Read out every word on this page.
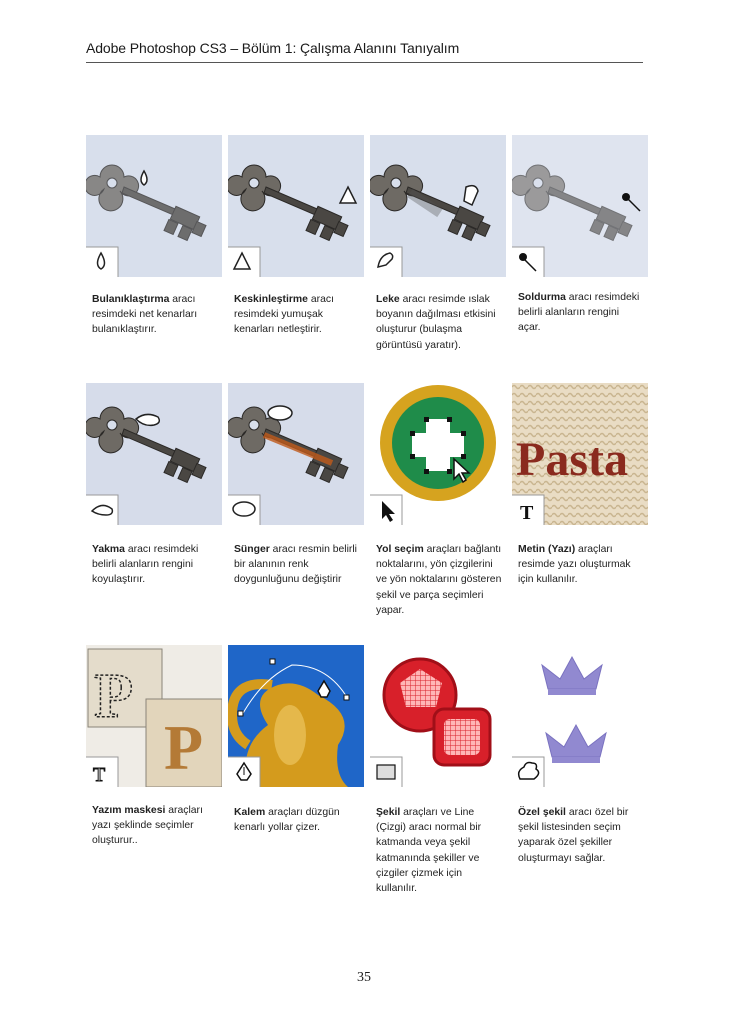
Adobe Photoshop CS3 – Bölüm 1: Çalışma Alanını Tanıyalım
Bulanıklaştırma aracı resimdeki net kenarları bulanıklaştırır.
Keskinleştirme aracı resimdeki yumuşak kenarları netleştirir.
Leke aracı resimde ıslak boyanın dağılması etkisini oluşturur (bulaşma görüntüsü yaratır).
Soldurma aracı resimdeki belirli alanların rengini açar.
Pasta
T
Yakma aracı resimdeki belirli alanların rengini koyulaştırır.
Sünger aracı resmin belirli bir alanının renk doygunluğunu değiştirir
Yol seçim araçları bağlantı noktalarını, yön çizgilerini ve yön noktalarını gösteren şekil ve parça seçimleri yapar.
Metin (Yazı) araçları resimde yazı oluşturmak için kullanılır.
P
P
T
Yazım maskesi araçları yazı şeklinde seçimler oluşturur..
Kalem araçları düzgün kenarlı yollar çizer.
Şekil araçları ve Line (Çizgi) aracı normal bir katmanda veya şekil katmanında şekiller ve çizgiler çizmek için kullanılır.
Özel şekil aracı özel bir şekil listesinden seçim yaparak özel şekiller oluşturmayı sağlar.
35
